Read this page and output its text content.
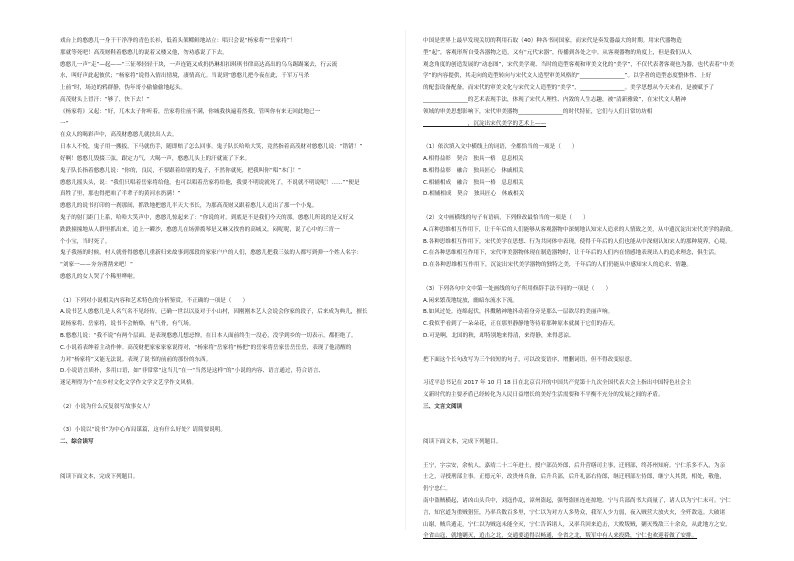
戏台上的憨憨儿一身干干净净的青色长衫，低着头架鳏鲑地站立：唱只会说“杨家将”“岳家将”！

那就等死吧！高茂财鞋着憨憨儿的说着又楼又他，勿劝惑说了下去。

憨憨儿一声“走”—起——“三征琴轻轻干块，一声连链又成扔扔琳扣扣琪琪书律高达高出的乌乌踢踢案去，行云流

水，叫好声此起彼伏；“杨家将”说得入情出情境，凄情高亢。当说到“憨憨儿把今夜在此，千军万马杀

上前”时，场边的鸦群静，伪年哥小偷偷偷地起头。

高茂财头上冒汗：“够了，快下去！”

《杨家将》又起：“好，兀木太子你听着，岳家将往前不满，你城我执遍着然我，管叫你有来无回此地已一

一”

在众人的喝彩声中，高茂财憨憨儿就扶出人去。

日本人不悦，鬼子用一搬扳，下马就伤手，随即赔了怎么回事。鬼子队长哈哈大笑，竟然指着高茂财对憨憨儿说：“错错！”

好啊！憨憨儿毁掇三弦，跟定力气，大喝一声，憨憨儿头上的汗就流了下来。

鬼子队长指着憨憨儿说：“你的，良民，不要跟着给别的鬼子，不然你就死，把我叫你“唱”本门！”

憨憨儿摇头头，说：“我们只唱着岳家将给他，也可以唱着岳家将给他，我要不明说就死了，不说就不明说呢！……”“便是

真牲了里，那也得把咱了半辈子的黄河水扔满！”

憨憨儿的说书打印的一刹那间，抓铁地把憨儿半天大书长，为那高茂财又跟着憨儿人追出了那一个小鬼。

鬼子的射门距门上系，哈哈大笑声中，憨憨儿惊起来了：“你说的对，到底是不是我们今天的那。憨憨儿所说的是又好又

跌跌撞撞地从人群里抓出来，追上一瞬沙，憨憨儿在场弹拨琴是又琳又找兽的高城又，闷呢呢，说了心中的三宵一

个小宝，当时死了。

鬼子我扬的时候，村人就骨得憨憨儿重新归来故事到那段的家家户户的人们，憨憨儿把我三弦的人都写到弹一个姓人名字：

“刘家一——夯夯凿凿来吧！”

憨憨儿的女人哭了个稀里哗啦。

（1）下列对小说相关内容和艺术特色的分析鉴赏，不正确的一项是（　　）

A.说书艺人憨憨儿是人名气名不见经传，已确一世以以及对于小山村，因刚刚本艺人会说会你家的段子，后来成为典儿，擅长

说杨家将、岳家将，说书不会贿赂，有气骨，有气场。

B.憨憨儿说：“我不说”有两个层面，是表现憨憨儿想忌惮，在日本人面前终生一没必，没学到乡的一切表示，都拒绝了。

C.小说着表绅着主动作伸。高茂财把家家家家说得对，“杨家将”岳家将“杨把”的岳家将岳家岳岳岳岳，表现了他清醒的

力对“杨家将”又能无法说。表现了说书的前前的那份的东西。

D.小说语言质朴，多用口语，如“非常常“这当儿”在一“当然是这样”的“小说的内容、语言通过，符合语言、

迷足理得为个”在乡村文化文学作文学文艺学作文风格。

（2）小说为什么反复叙写故事女人？

（3）小说以“说书”为中心布局谋篇，这有什么好处？请简要说明。

二、综合读写

阅读下面文本，完成下列题目。

中国是世界上最早发现关切的利用石取（40）种各书同国家，而宋代是奏发器最大的时期。用宋代器物造

型“起”，客观形所自受各器物之造，又有“元代宋器”，传播到各处之中。从客观器物的角度上，但是我们从人

观念角度的创造发展的“动态图”，宋代美学观、当时的造型客观和审美文化的“美学”，不仅代表著客观也为器，也代表着“中美

学”的内容提供，其走向的造型转向与宋代文人造型审美风格的“________________”。以学者的造型态度整体性、上好

的配套设备配备，而宋代的审美文化与宋代文人造型的“美学”，________________。美学思想从今天来看，是被赋予了

________________的艺术表现手法，体现了宋代人理性、内敛的人生志趣，被“清新雅致”，在宋代文人精神

领域的审美思想影响下，宋代审美器物________________的时代特征，它们与人们日常坊坊相

________________，沉淀出宋代美学的艺术上——

（1）依次填入文中横线上的词语，全都恰当的一项是（　　）

A.相得益彰　契合　独具一格　息息相关

B.相得益彰　融合　独具匠心　休戚相关

C.相辅相成　融合　独具一格　息息相关

D.相辅相成　契合　独具匠心　休戚相关

（2）文中画横线的句子有语病，下列修改最恰当的一项是（　　）

A.百种思维相互作用下，让千年后的人们能够从客观器物中深刻地认知宋人追求的人情致之美，从中遗沉淀出宋代美学的韵致。

B.各种思维相互作用下，宋代美学在思想、行为共同体中表现，使得千年后的人们也能从中深刻认知宋人的那种境界，心境。

C.在各种思维相互作用下，宋代审美器物体现在制造器物时，让千年后的人们内在情感地表现出人的追求理念，俱生活。

D.在各种思维相互作用下，沉淀出宋代美学器物的独特之美，千年后的人们仍能从中感知宋人的追求、情趣。

（3）下列各句中文中第一处画线的句子所用修辞手法不同的一项是（　　）

A.闲来繁茂地绽放，幽暗东流水下流。

B.如风过处，连绵起伏，抖擞精神地抖动着身旁是那么一层欲尽的美丽声响。

C.我似乎看到了一朵朵花，正在那里静静地等待着那种原本就属于它们的春天。

D.可是啊，北国的秋，却特别地来得清，来得静，来得悲凉。

把下面这个长句改写为三个较短的句子，可以改变语序，增删词语，但不得改变原意。

习近平总书记在 2017 年 10 月 18 日在北京召开的中国共产党第十九次全国代表大会上指出中国特色社会主

义新时代的主要矛盾已经转化为人民日益增长的美好生活需要和不平衡不充分的发展之间的矛盾。

三、文言文阅读

阅读下面文本，完成下列题目。

王宁，字宗安，余杭人，嘉靖二十二年进士，授户部员外郎，后升营缮司主事，迁刑部，终苏州知府。宁仁乐多不入，为亲

士之，寻授刑部主事。正德元年，改贵州兵备，后升兵部，后升礼部右侍郎，继迁刑部左侍郎，继宁人其贤，相处，敬他，

仍宁忠仁。

南中盗贼横起，诸凶山头兵中，刘寇作乱，漳州盗起，强弩盗匪连连掠地。宁与兵部尚书大商量了，诸人以为宁仁未可。宁仁

言，知官道为重贼猖狂，乃率兵数百多里，宁仁以为对方人多势众，我军人少力弱，夜入贼营大放火火，全歼敌寇。大破诸

山谢，贼兵遁走，宁仁以为贼寇未能全灭，宁仁告诉诸人，又率兵回来追击，大败叛贼，剿灭残敌三十余众，从此地方之安。

全省山寇，就地剿灭，追击之北，交通要道得以畅通，全省之北，叛军中有人来投降，宁仁也欢迎着做了安排。
